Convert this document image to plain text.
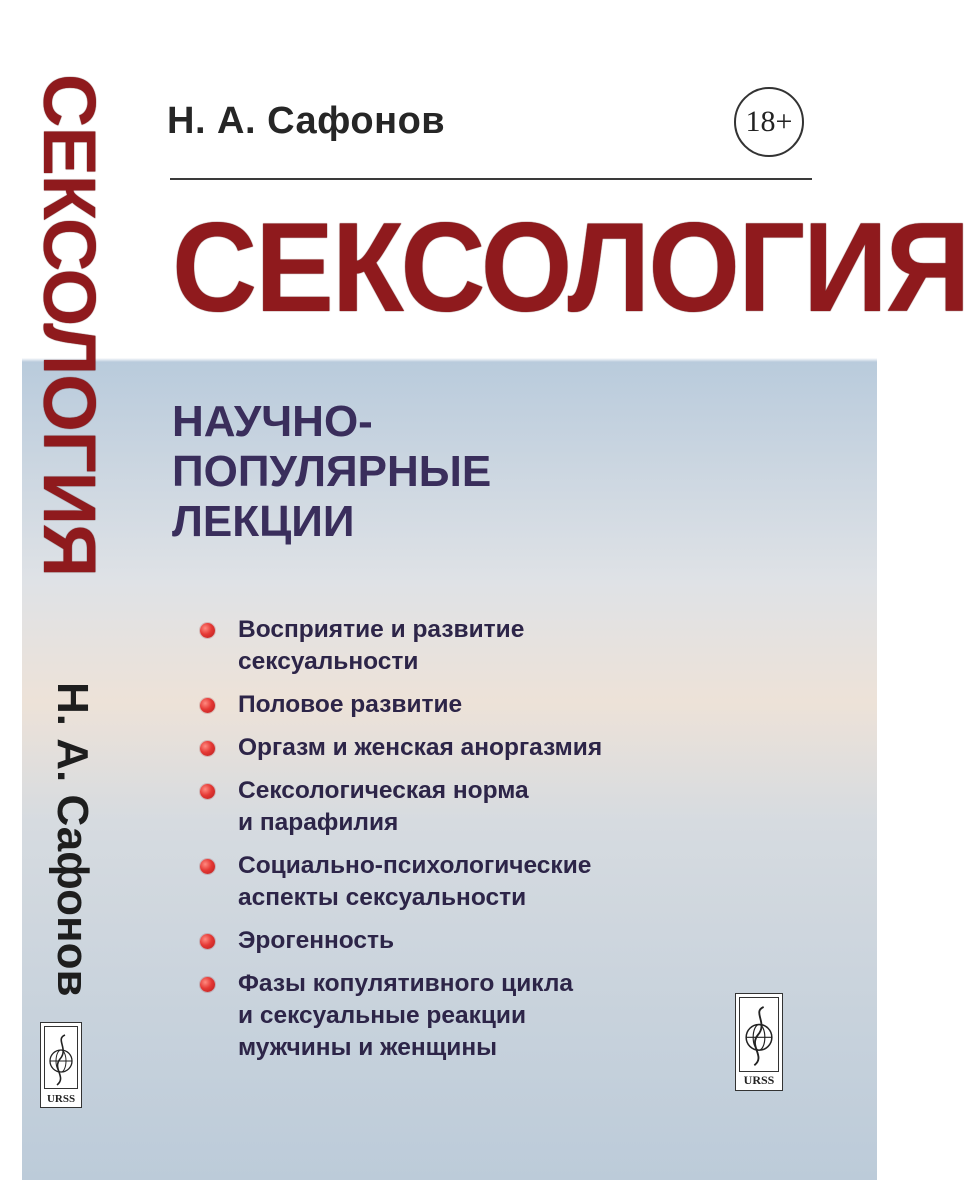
СЕКСОЛОГИЯ
Н. А. Сафонов
URSS
Н. А. Сафонов	18+
СЕКСОЛОГИЯ
НАУЧНО-
ПОПУЛЯРНЫЕ
ЛЕКЦИИ
Восприятие и развитие
сексуальности
Половое развитие
Оргазм и женская аноргазмия
Сексологическая норма
и парафилия
Социально-психологические
аспекты сексуальности
Эрогенность
Фазы копулятивного цикла
и сексуальные реакции
мужчины и женщины
URSS
